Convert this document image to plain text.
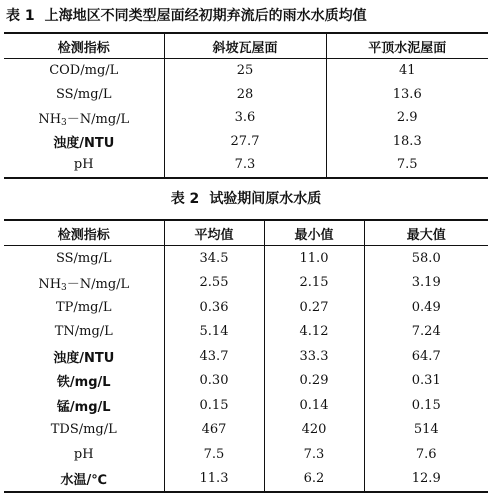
表 1 上海地区不同类型屋面经初期弃流后的雨水水质均值
检测指标	斜坡瓦屋面	平顶水泥屋面
COD/mg/L	25	41
SS/mg/L	28	13.6
$NH_3-N/mg/L$	3.6	2.9
浊度/NTU	27.7	18.3
pH	7.3	7.5
表 2 试验期间原水水质
检测指标	平均值	最小值	最大值
SS/mg/L	34.5	11.0	58.0
$NH_3-N/mg/L$	2.55	2.15	3.19
TP/mg/L	0.36	0.27	0.49
TN/mg/L	5.14	4.12	7.24
浊度/NTU	43.7	33.3	64.7
铁/mg/L	0.30	0.29	0.31
锰/mg/L	0.15	0.14	0.15
TDS/mg/L	467	420	514
pH	7.5	7.3	7.6
水温/℃	11.3	6.2	12.9
